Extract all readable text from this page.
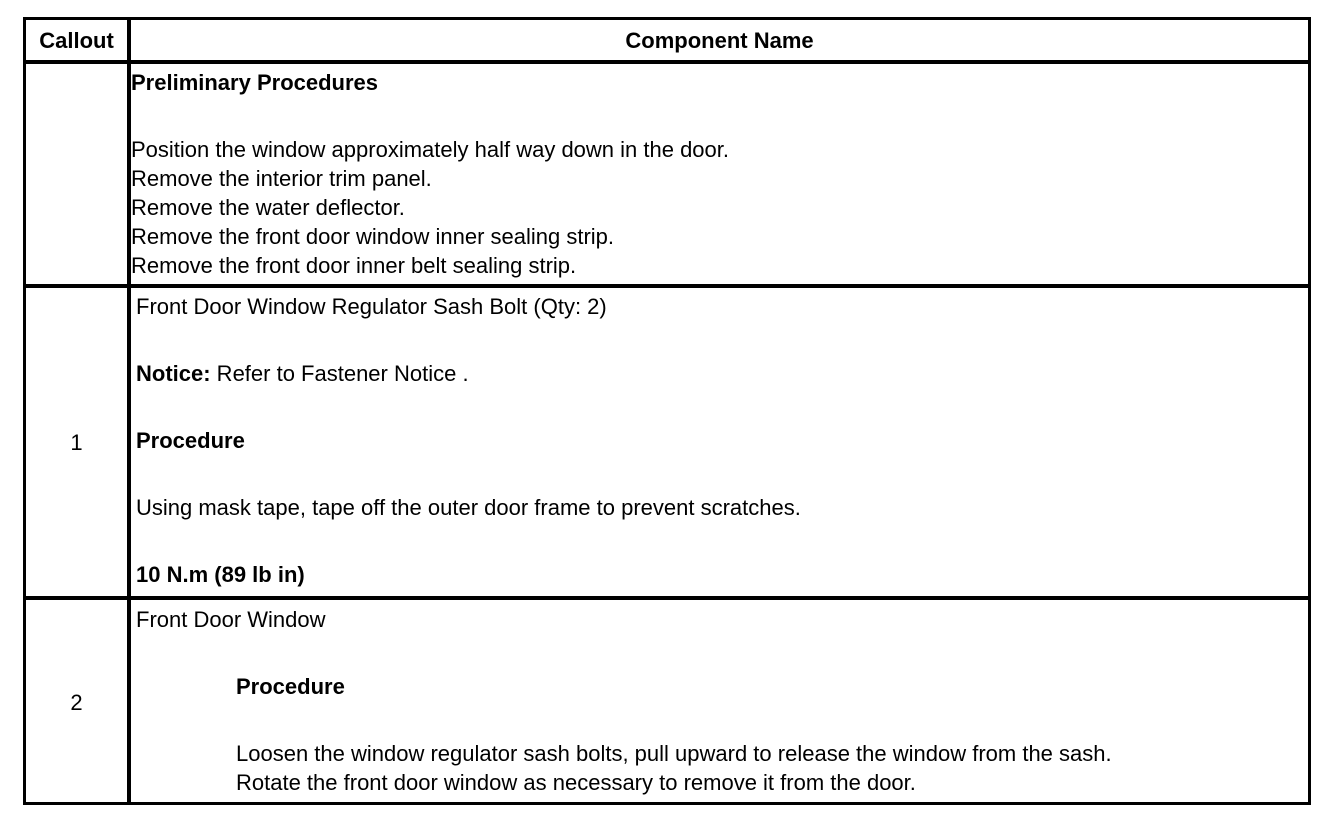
Callout	Component Name
Preliminary Procedures
Position the window approximately half way down in the door.
Remove the interior trim panel.
Remove the water deflector.
Remove the front door window inner sealing strip.
Remove the front door inner belt sealing strip.
1
Front Door Window Regulator Sash Bolt (Qty: 2)
Notice: Refer to Fastener Notice .
Procedure
Using mask tape, tape off the outer door frame to prevent scratches.
10 N.m (89 lb in)
2
Front Door Window
Procedure
Loosen the window regulator sash bolts, pull upward to release the window from the sash.
Rotate the front door window as necessary to remove it from the door.
